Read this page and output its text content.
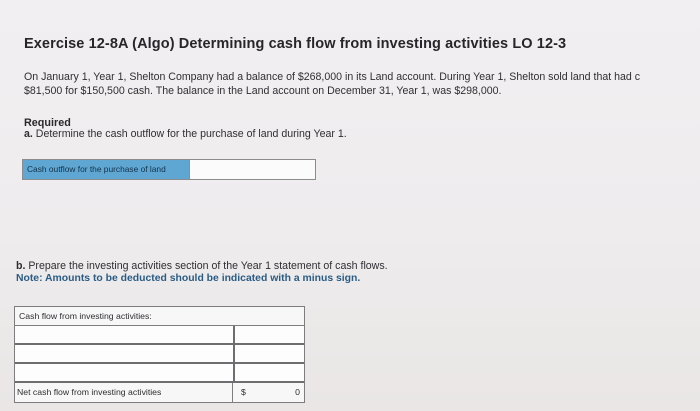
Exercise 12-8A (Algo) Determining cash flow from investing activities LO 12-3
On January 1, Year 1, Shelton Company had a balance of $268,000 in its Land account. During Year 1, Shelton sold land that had c
$81,500 for $150,500 cash. The balance in the Land account on December 31, Year 1, was $298,000.
Required
a. Determine the cash outflow for the purchase of land during Year 1.
Cash outflow for the purchase of land
b. Prepare the investing activities section of the Year 1 statement of cash flows.
Note: Amounts to be deducted should be indicated with a minus sign.
Cash flow from investing activities:
Net cash flow from investing activities	$	0
